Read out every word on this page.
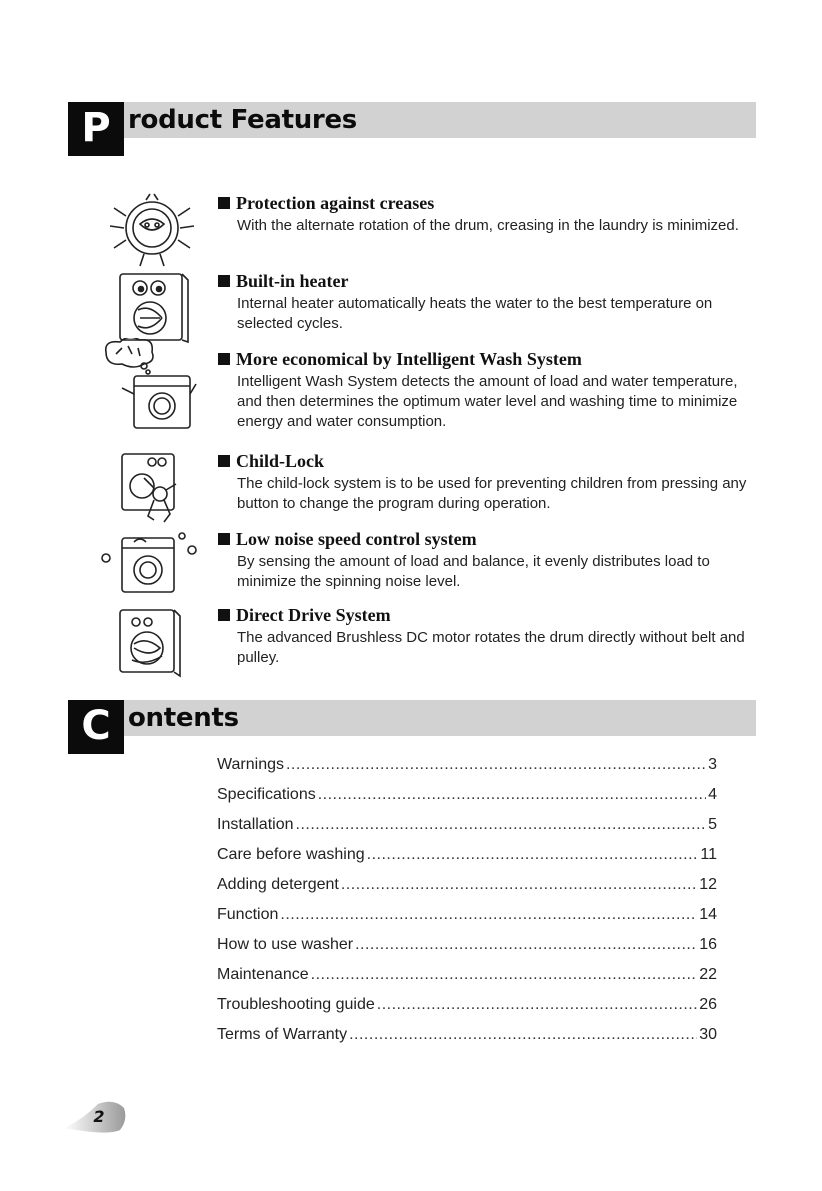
P roduct Features
Protection against creases
With the alternate rotation of the drum, creasing in the laundry is minimized.
Built-in heater
Internal heater automatically heats the water to the best temperature on selected cycles.
More economical by Intelligent Wash System
Intelligent Wash System detects the amount of load and water temperature, and then determines the optimum water level and washing time to minimize energy and water consumption.
Child-Lock
The child-lock system is to be used for preventing children from pressing any button to change the program during operation.
Low noise speed control system
By sensing the amount of load and balance, it evenly distributes load to minimize the spinning noise level.
Direct Drive System
The advanced Brushless DC motor rotates the drum directly without belt and pulley.
C ontents
Warnings .....	3
Specifications .....	4
Installation .....	5
Care before washing .....	11
Adding detergent .....	12
Function .....	14
How to use washer .....	16
Maintenance .....	22
Troubleshooting guide .....	26
Terms of Warranty .....	30
2
